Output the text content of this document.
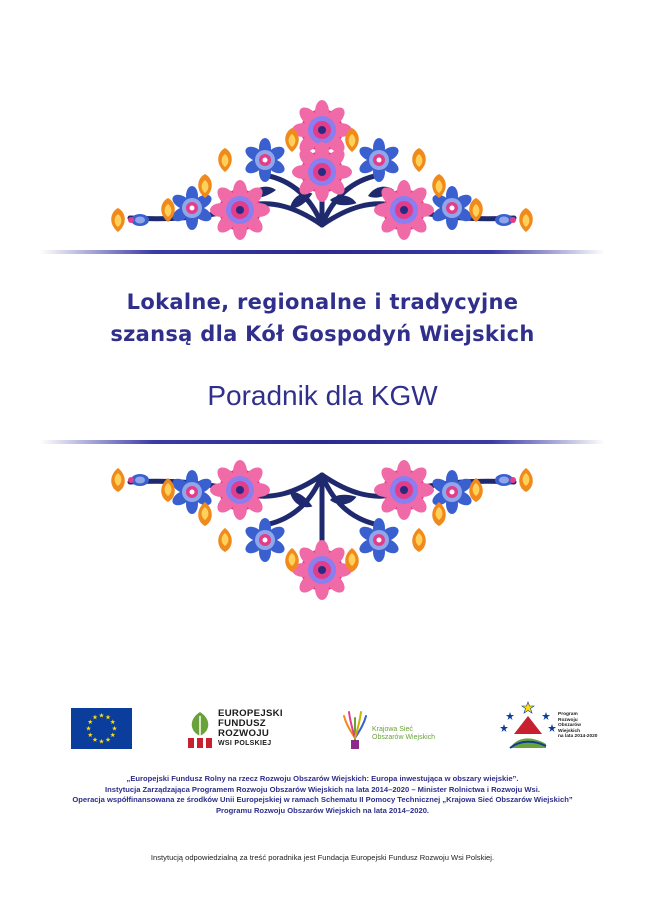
Lokalne, regionalne i tradycyjne
szansą dla Kół Gospodyń Wiejskich
Poradnik dla KGW
EUROPEJSKI
FUNDUSZ
ROZWOJU
WSI POLSKIEJ
Krajowa Sieć
Obszarów Wiejskich
Program
Rozwoju
Obszarów
Wiejskich
na lata 2014-2020
„Europejski Fundusz Rolny na rzecz Rozwoju Obszarów Wiejskich: Europa inwestująca w obszary wiejskie”.
Instytucja Zarządzająca Programem Rozwoju Obszarów Wiejskich na lata 2014–2020 – Minister Rolnictwa i Rozwoju Wsi.
Operacja współfinansowana ze środków Unii Europejskiej w ramach Schematu II Pomocy Technicznej „Krajowa Sieć Obszarów Wiejskich”
Programu Rozwoju Obszarów Wiejskich na lata 2014–2020.
Instytucją odpowiedzialną za treść poradnika jest Fundacja Europejski Fundusz Rozwoju Wsi Polskiej.
